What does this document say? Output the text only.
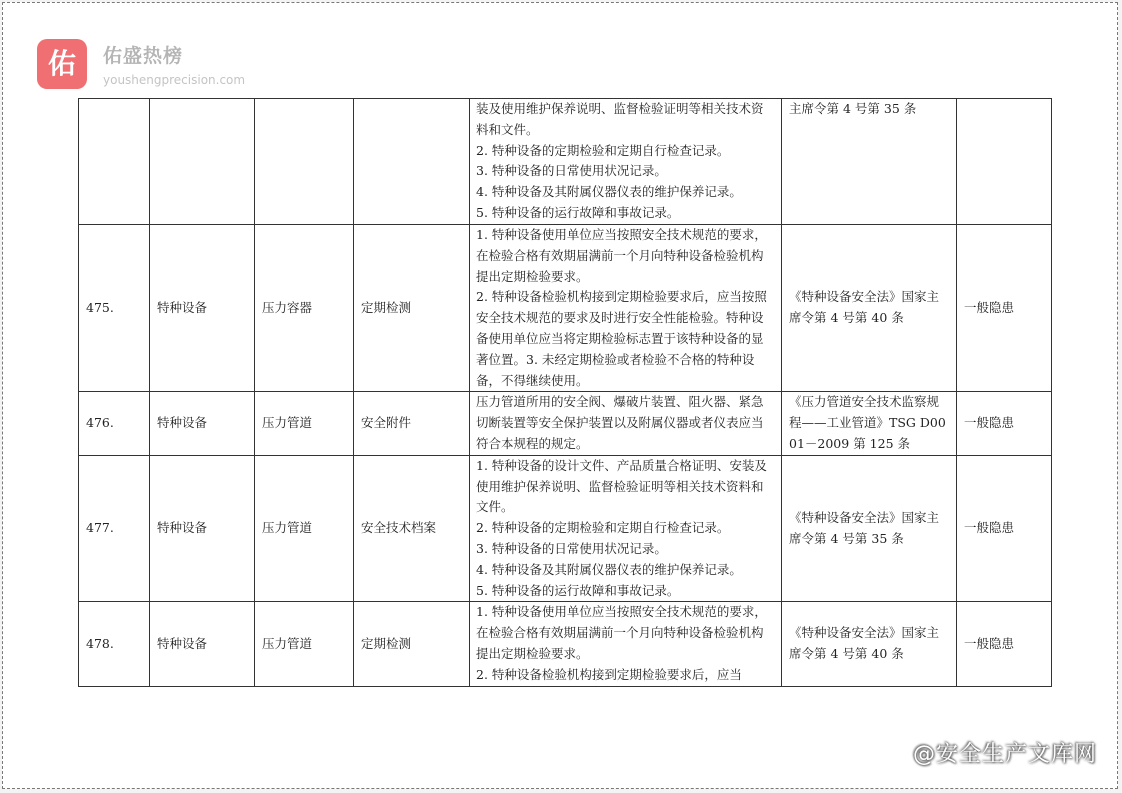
佑	佑盛热榜
youshengprecision.com

				装及使用维护保养说明、监督检验证明等相关技术资料和文件。
2. 特种设备的定期检验和定期自行检查记录。
3. 特种设备的日常使用状况记录。
4. 特种设备及其附属仪器仪表的维护保养记录。
5. 特种设备的运行故障和事故记录。	主席令第 4 号第 35 条	
475.	特种设备	压力容器	定期检测	1. 特种设备使用单位应当按照安全技术规范的要求，在检验合格有效期届满前一个月向特种设备检验机构提出定期检验要求。
2. 特种设备检验机构接到定期检验要求后，应当按照安全技术规范的要求及时进行安全性能检验。特种设备使用单位应当将定期检验标志置于该特种设备的显著位置。3. 未经定期检验或者检验不合格的特种设备，不得继续使用。	《特种设备安全法》国家主席令第 4 号第 40 条	一般隐患
476.	特种设备	压力管道	安全附件	压力管道所用的安全阀、爆破片装置、阻火器、紧急切断装置等安全保护装置以及附属仪器或者仪表应当符合本规程的规定。	《压力管道安全技术监察规程——工业管道》TSG D0001－2009 第 125 条	一般隐患
477.	特种设备	压力管道	安全技术档案	1. 特种设备的设计文件、产品质量合格证明、安装及使用维护保养说明、监督检验证明等相关技术资料和文件。
2. 特种设备的定期检验和定期自行检查记录。
3. 特种设备的日常使用状况记录。
4. 特种设备及其附属仪器仪表的维护保养记录。
5. 特种设备的运行故障和事故记录。	《特种设备安全法》国家主席令第 4 号第 35 条	一般隐患
478.	特种设备	压力管道	定期检测	1. 特种设备使用单位应当按照安全技术规范的要求，在检验合格有效期届满前一个月向特种设备检验机构提出定期检验要求。
2. 特种设备检验机构接到定期检验要求后，应当	《特种设备安全法》国家主席令第 4 号第 40 条	一般隐患
@安全生产文库网
